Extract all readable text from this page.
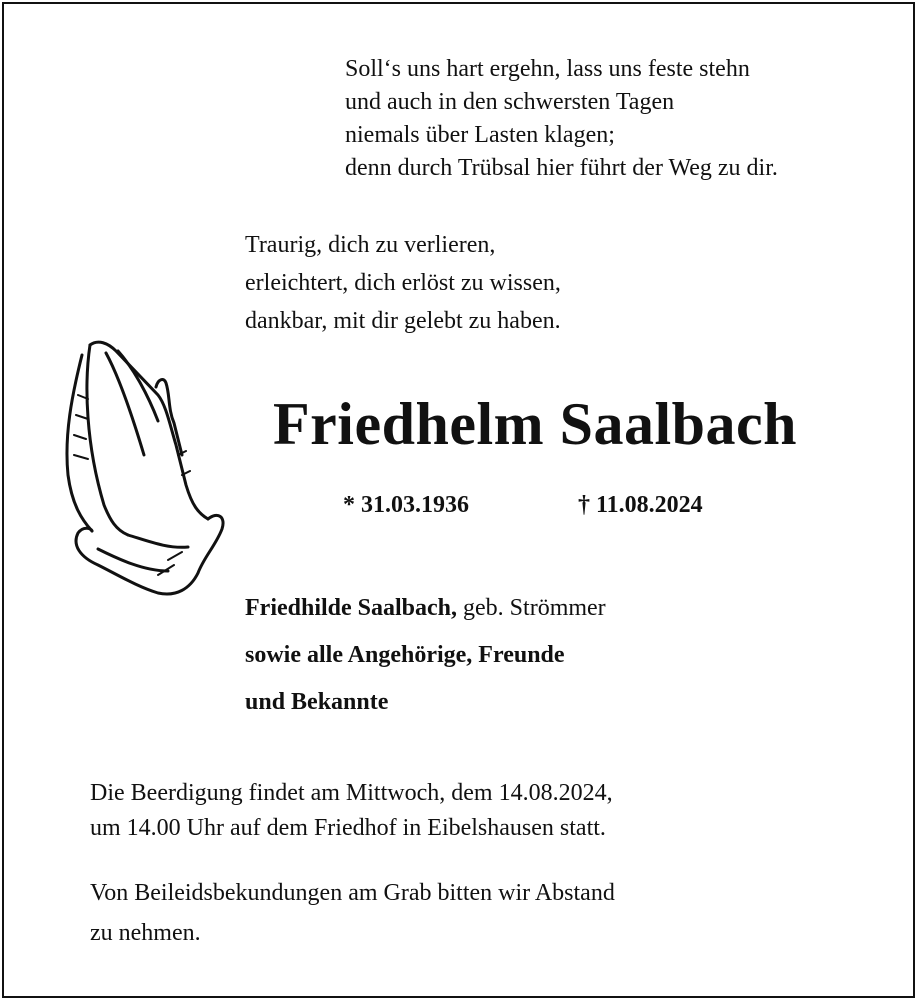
Soll‘s uns hart ergehn, lass uns feste stehn
und auch in den schwersten Tagen
niemals über Lasten klagen;
denn durch Trübsal hier führt der Weg zu dir.
Traurig, dich zu verlieren,
erleichtert, dich erlöst zu wissen,
dankbar, mit dir gelebt zu haben.
Friedhelm Saalbach
* 31.03.1936	† 11.08.2024
Friedhilde Saalbach, geb. Strömmer
sowie alle Angehörige, Freunde
und Bekannte
Die Beerdigung findet am Mittwoch, dem 14.08.2024,
um 14.00 Uhr auf dem Friedhof in Eibelshausen statt.
Von Beileidsbekundungen am Grab bitten wir Abstand
zu nehmen.
